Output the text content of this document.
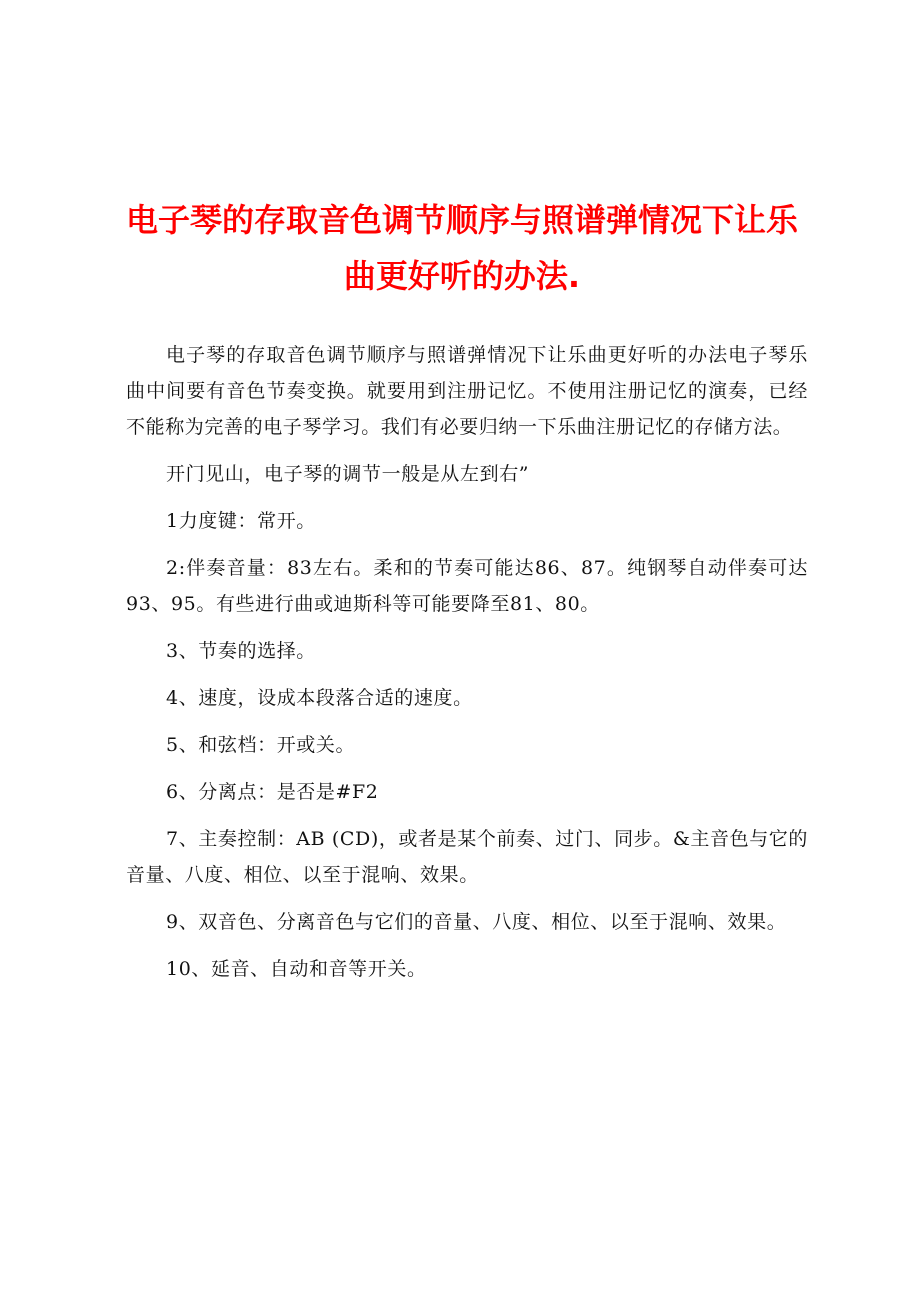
电子琴的存取音色调节顺序与照谱弹情况下让乐曲更好听的办法.

电子琴的存取音色调节顺序与照谱弹情况下让乐曲更好听的办法电子琴乐曲中间要有音色节奏变换。就要用到注册记忆。不使用注册记忆的演奏，已经不能称为完善的电子琴学习。我们有必要归纳一下乐曲注册记忆的存储方法。

开门见山，电子琴的调节一般是从左到右”

1力度键：常开。

2:伴奏音量：83左右。柔和的节奏可能达86、87。纯钢琴自动伴奏可达93、95。有些进行曲或迪斯科等可能要降至81、80。

3、节奏的选择。

4、速度，设成本段落合适的速度。

5、和弦档：开或关。

6、分离点：是否是#F2

7、主奏控制：AB (CD)，或者是某个前奏、过门、同步。&主音色与它的音量、八度、相位、以至于混响、效果。

9、双音色、分离音色与它们的音量、八度、相位、以至于混响、效果。

10、延音、自动和音等开关。
